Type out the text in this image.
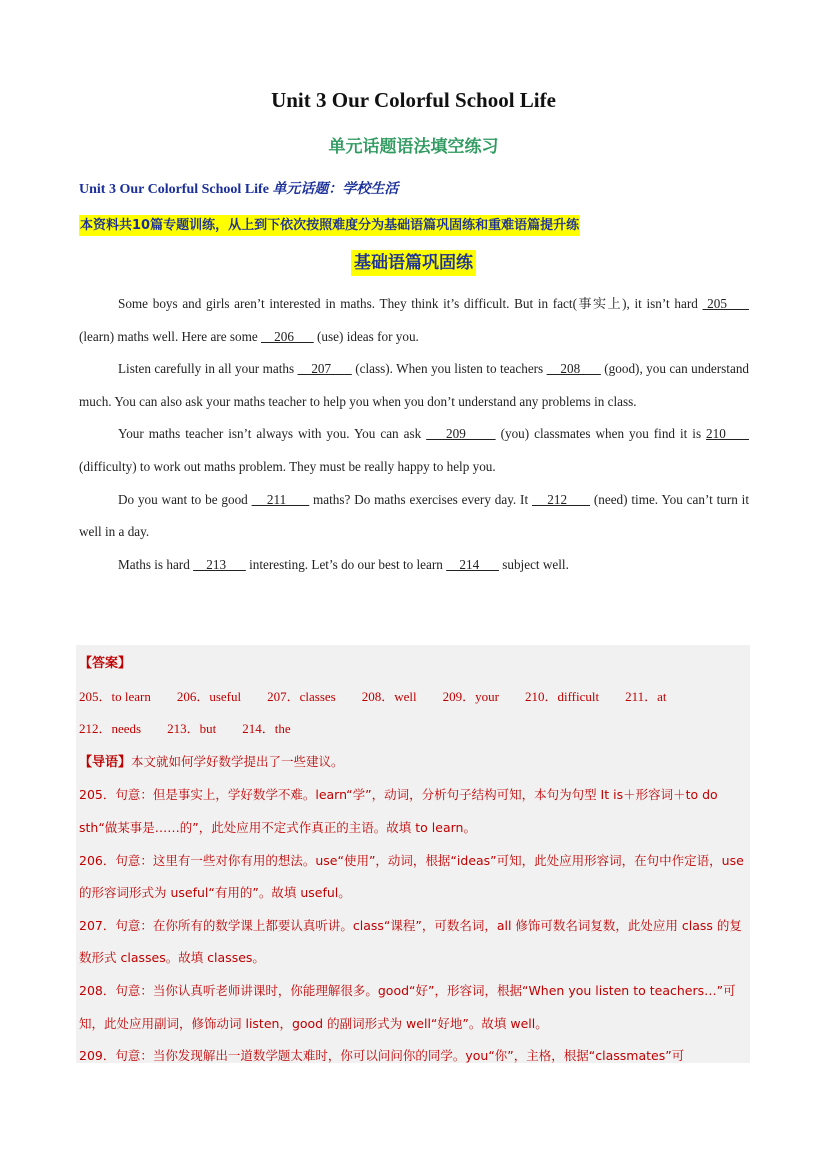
Unit 3 Our Colorful School Life
单元话题语法填空练习
Unit 3 Our Colorful School Life 单元话题：学校生活
本资料共10篇专题训练，从上到下依次按照难度分为基础语篇巩固练和重难语篇提升练
基础语篇巩固练

Some boys and girls aren’t interested in maths. They think it’s difficult. But in fact(事实上), it isn’t hard  205      (learn) maths well. Here are some     206       (use) ideas for you.

Listen carefully in all your maths     207       (class). When you listen to teachers     208       (good), you can understand much. You can also ask your maths teacher to help you when you don’t understand any problems in class.

Your maths teacher isn’t always with you. You can ask     209       (you) classmates when you find it is 210      (difficulty) to work out maths problem. They must be really happy to help you.

Do you want to be good     211       maths? Do maths exercises every day. It     212       (need) time. You can’t turn it well in a day.

Maths is hard     213       interesting. Let’s do our best to learn     214       subject well.

【答案】
205．to learn 206．useful 207．classes 208．well 209．your 210．difficult 211．at
212．needs 213．but 214．the
【导语】本文就如何学好数学提出了一些建议。

205．句意：但是事实上，学好数学不难。learn“学”，动词，分析句子结构可知，本句为句型 It is＋形容词＋to do sth“做某事是……的”，此处应用不定式作真正的主语。故填 to learn。

206．句意：这里有一些对你有用的想法。use“使用”，动词，根据“ideas”可知，此处应用形容词，在句中作定语，use 的形容词形式为 useful“有用的”。故填 useful。

207．句意：在你所有的数学课上都要认真听讲。class“课程”，可数名词，all 修饰可数名词复数，此处应用 class 的复数形式 classes。故填 classes。

208．句意：当你认真听老师讲课时，你能理解很多。good“好”，形容词，根据“When you listen to teachers…”可知，此处应用副词，修饰动词 listen，good 的副词形式为 well“好地”。故填 well。

209．句意：当你发现解出一道数学题太难时，你可以问问你的同学。you“你”，主格，根据“classmates”可
